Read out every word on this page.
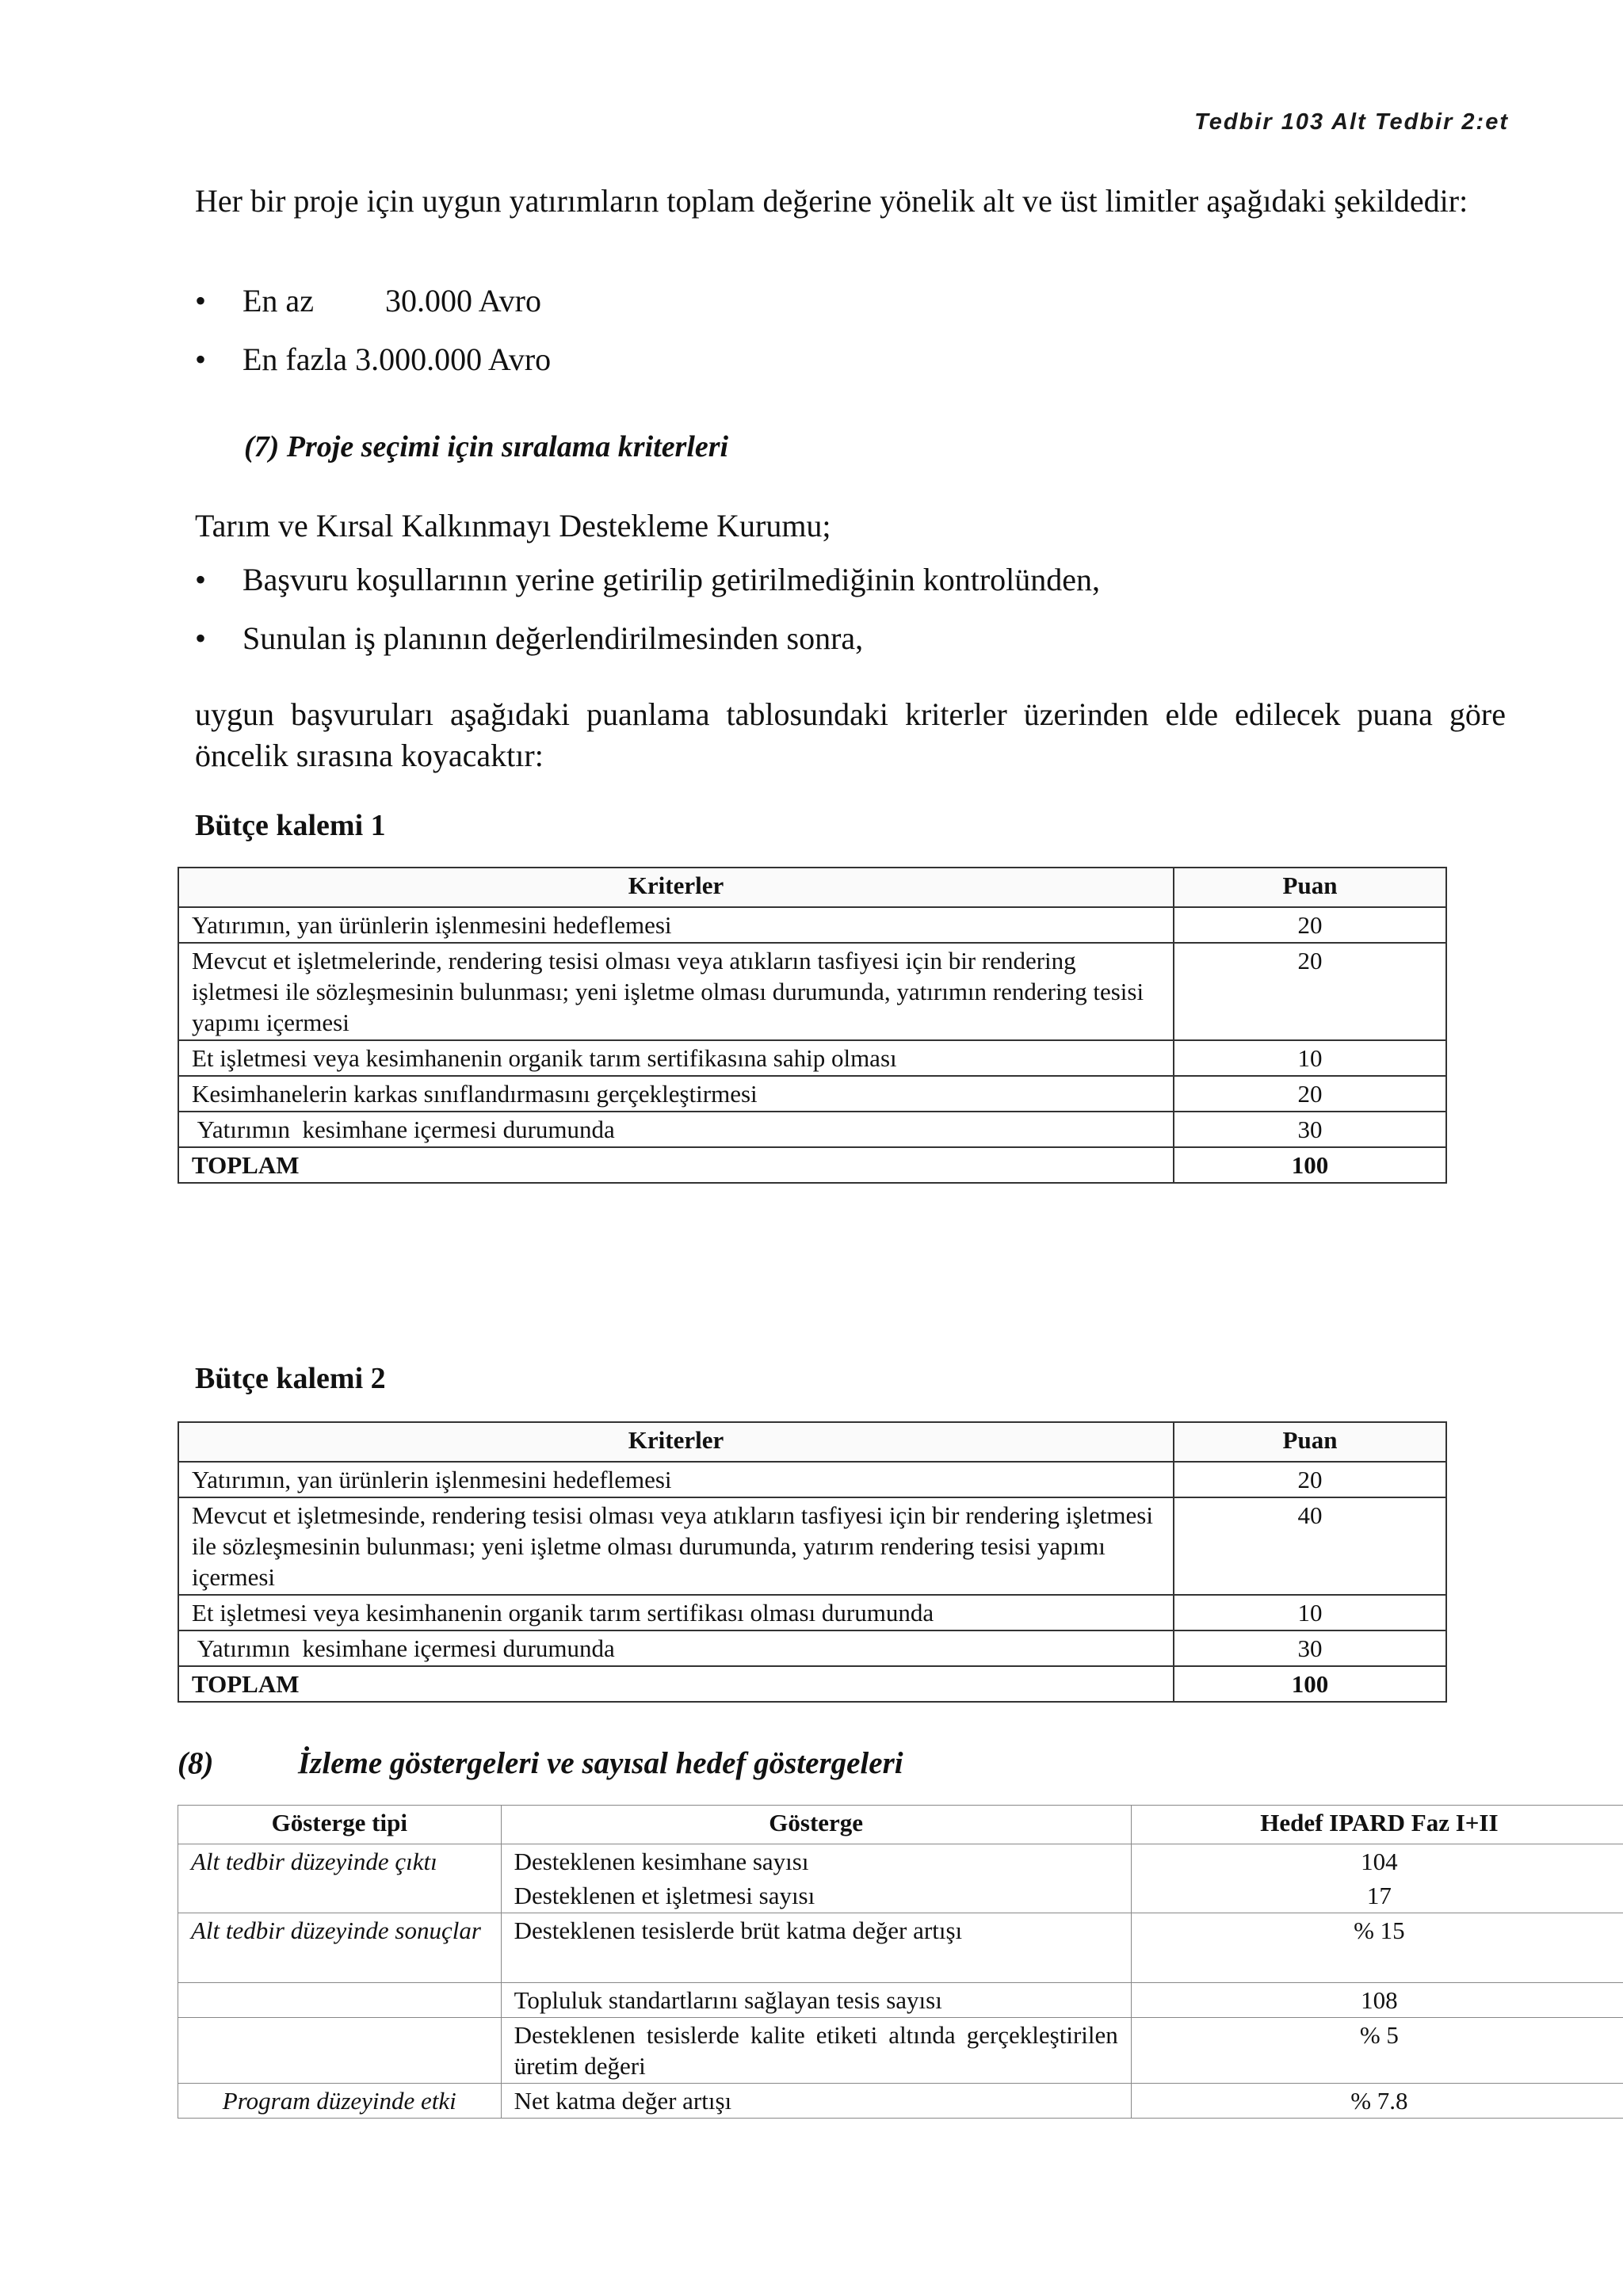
Tedbir 103 Alt Tedbir 2:et
Her bir proje için uygun yatırımların toplam değerine yönelik alt ve üst limitler aşağıdaki şekildedir:
•	En az         30.000 Avro
•	En fazla 3.000.000 Avro
(7) Proje seçimi için sıralama kriterleri
Tarım ve Kırsal Kalkınmayı Destekleme Kurumu;
•	Başvuru koşullarının yerine getirilip getirilmediğinin kontrolünden,
•	Sunulan iş planının değerlendirilmesinden sonra,
uygun başvuruları aşağıdaki puanlama tablosundaki kriterler üzerinden elde edilecek puana göre öncelik sırasına koyacaktır:
Bütçe kalemi 1
Kriterler	Puan
Yatırımın, yan ürünlerin işlenmesini hedeflemesi	20
Mevcut et işletmelerinde, rendering tesisi olması veya atıkların tasfiyesi için bir rendering işletmesi ile sözleşmesinin bulunması; yeni işletme olması durumunda, yatırımın rendering tesisi yapımı içermesi	20
Et işletmesi veya kesimhanenin organik tarım sertifikasına sahip olması	10
Kesimhanelerin karkas sınıflandırmasını gerçekleştirmesi	20
Yatırımın  kesimhane içermesi durumunda	30
TOPLAM	100
Bütçe kalemi 2
Kriterler	Puan
Yatırımın, yan ürünlerin işlenmesini hedeflemesi	20
Mevcut et işletmesinde, rendering tesisi olması veya atıkların tasfiyesi için bir rendering işletmesi ile sözleşmesinin bulunması; yeni işletme olması durumunda, yatırım rendering tesisi yapımı içermesi	40
Et işletmesi veya kesimhanenin organik tarım sertifikası olması durumunda	10
Yatırımın  kesimhane içermesi durumunda	30
TOPLAM	100
(8)	İzleme göstergeleri ve sayısal hedef göstergeleri
Gösterge tipi	Gösterge	Hedef IPARD Faz I+II
Alt tedbir düzeyinde çıktı	Desteklenen kesimhane sayısı	104
	Desteklenen et işletmesi sayısı	17
Alt tedbir düzeyinde sonuçlar	Desteklenen tesislerde brüt katma değer artışı	% 15
	Topluluk standartlarını sağlayan tesis sayısı	108
	Desteklenen tesislerde kalite etiketi altında gerçekleştirilen üretim değeri	% 5
Program düzeyinde etki	Net katma değer artışı	% 7.8
